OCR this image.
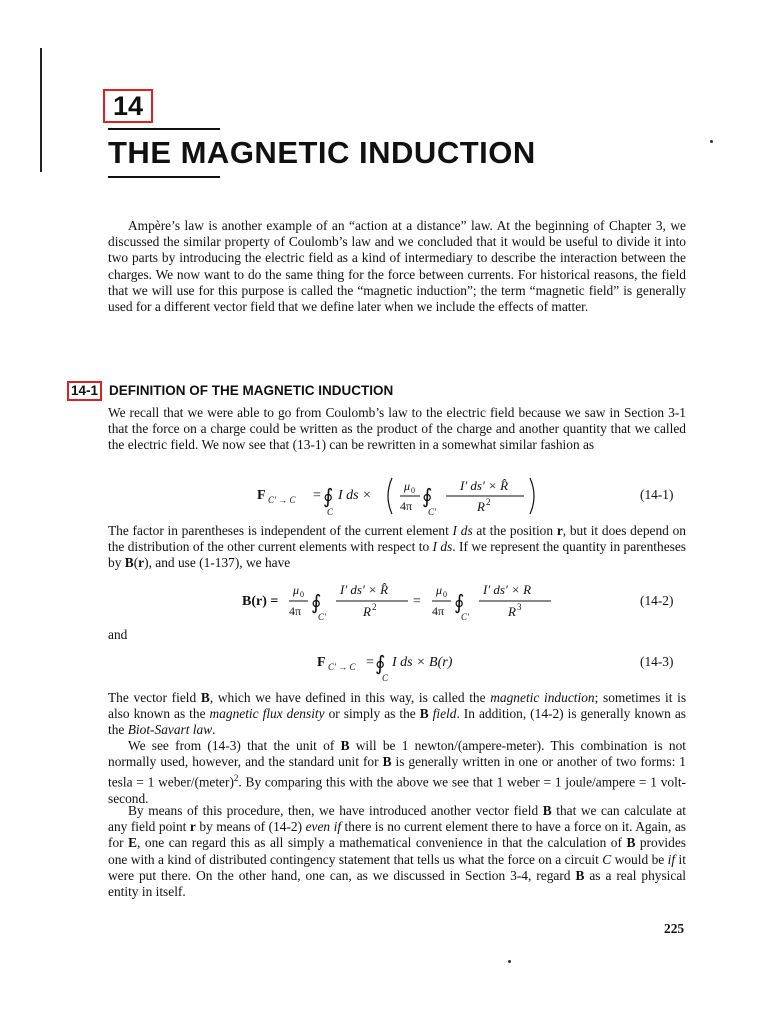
14
THE MAGNETIC INDUCTION

Ampère’s law is another example of an “action at a distance” law. At the beginning of Chapter 3, we discussed the similar property of Coulomb’s law and we concluded that it would be useful to divide it into two parts by introducing the electric field as a kind of intermediary to describe the interaction between the charges. We now want to do the same thing for the force between currents. For historical reasons, the field that we will use for this purpose is called the “magnetic induction”; the term “magnetic field” is generally used for a different vector field that we define later when we include the effects of matter.

14-1 DEFINITION OF THE MAGNETIC INDUCTION

We recall that we were able to go from Coulomb’s law to the electric field because we saw in Section 3-1 that the force on a charge could be written as the product of the charge and another quantity that we called the electric field. We now see that (13-1) can be rewritten in a somewhat similar fashion as

F C′ → C = ∮
C
I ds ×
μ 0
4π ∮
C′
I′ ds′ × R̂
R 2	(14-1)
B(r) =
μ 0
4π ∮
C′
I′ ds′ × R̂
R 2	=
μ 0
4π ∮
C′
I′ ds′ × R
R 3	(14-2)
F C′ → C = ∮
C
I ds × B(r)	(14-3)

The factor in parentheses is independent of the current element I ds at the position r, but it does depend on the distribution of the other current elements with respect to I ds. If we represent the quantity in parentheses by B(r), and use (1-137), we have

and

The vector field B, which we have defined in this way, is called the magnetic induction; sometimes it is also known as the magnetic flux density or simply as the B field. In addition, (14-2) is generally known as the Biot-Savart law.

We see from (14-3) that the unit of B will be 1 newton/(ampere-meter). This combination is not normally used, however, and the standard unit for B is generally written in one or another of two forms: 1 tesla = 1 weber/(meter)$^2$. By comparing this with the above we see that 1 weber = 1 joule/ampere = 1 volt-second.

By means of this procedure, then, we have introduced another vector field B that we can calculate at any field point r by means of (14-2) even if there is no current element there to have a force on it. Again, as for E, one can regard this as all simply a mathematical convenience in that the calculation of B provides one with a kind of distributed contingency statement that tells us what the force on a circuit C would be if it were put there. On the other hand, one can, as we discussed in Section 3-4, regard B as a real physical entity in itself.

225
